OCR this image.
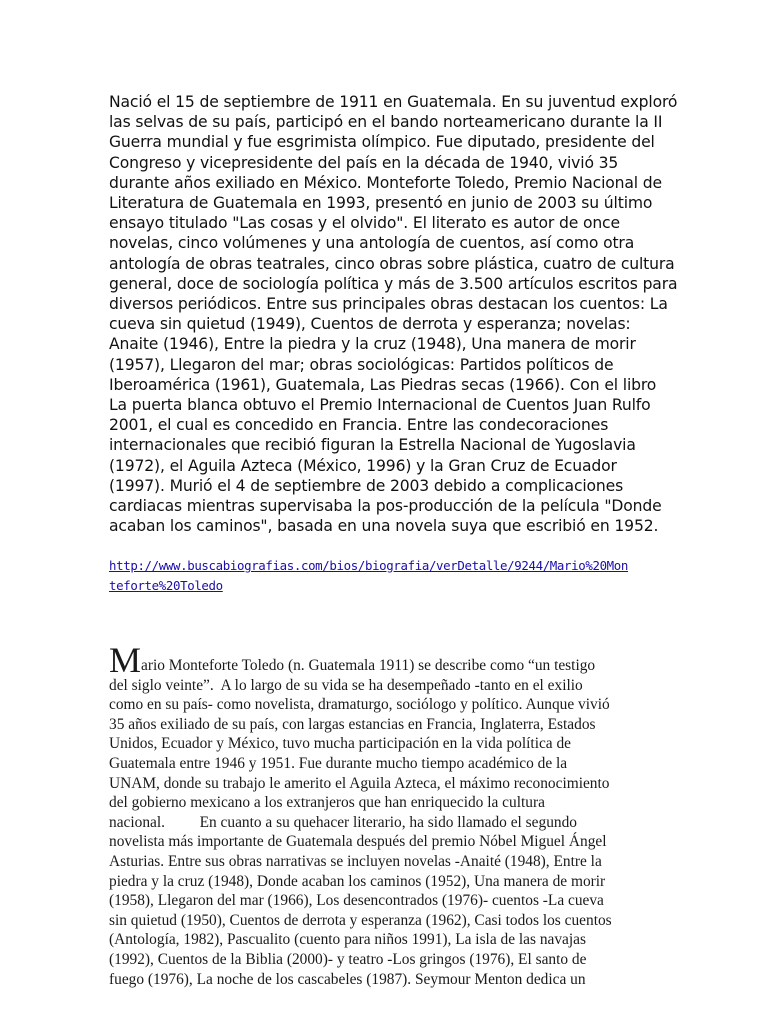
Nació el 15 de septiembre de 1911 en Guatemala. En su juventud exploró
las selvas de su país, participó en el bando norteamericano durante la II
Guerra mundial y fue esgrimista olímpico. Fue diputado, presidente del
Congreso y vicepresidente del país en la década de 1940, vivió 35
durante años exiliado en México. Monteforte Toledo, Premio Nacional de
Literatura de Guatemala en 1993, presentó en junio de 2003 su último
ensayo titulado "Las cosas y el olvido". El literato es autor de once
novelas, cinco volúmenes y una antología de cuentos, así como otra
antología de obras teatrales, cinco obras sobre plástica, cuatro de cultura
general, doce de sociología política y más de 3.500 artículos escritos para
diversos periódicos. Entre sus principales obras destacan los cuentos: La
cueva sin quietud (1949), Cuentos de derrota y esperanza; novelas:
Anaite (1946), Entre la piedra y la cruz (1948), Una manera de morir
(1957), Llegaron del mar; obras sociológicas: Partidos políticos de
Iberoamérica (1961), Guatemala, Las Piedras secas (1966). Con el libro
La puerta blanca obtuvo el Premio Internacional de Cuentos Juan Rulfo
2001, el cual es concedido en Francia. Entre las condecoraciones
internacionales que recibió figuran la Estrella Nacional de Yugoslavia
(1972), el Aguila Azteca (México, 1996) y la Gran Cruz de Ecuador
(1997). Murió el 4 de septiembre de 2003 debido a complicaciones
cardiacas mientras supervisaba la pos-producción de la película "Donde
acaban los caminos", basada en una novela suya que escribió en 1952.
http://www.buscabiografias.com/bios/biografia/verDetalle/9244/Mario%20Mon
teforte%20Toledo
Mario Monteforte Toledo (n. Guatemala 1911) se describe como “un testigo
del siglo veinte”.  A lo largo de su vida se ha desempeñado -tanto en el exilio
como en su país- como novelista, dramaturgo, sociólogo y político. Aunque vivió
35 años exiliado de su país, con largas estancias en Francia, Inglaterra, Estados
Unidos, Ecuador y México, tuvo mucha participación en la vida política de
Guatemala entre 1946 y 1951. Fue durante mucho tiempo académico de la
UNAM, donde su trabajo le amerito el Aguila Azteca, el máximo reconocimiento
del gobierno mexicano a los extranjeros que han enriquecido la cultura
nacional.         En cuanto a su quehacer literario, ha sido llamado el segundo
novelista más importante de Guatemala después del premio Nóbel Miguel Ángel
Asturias. Entre sus obras narrativas se incluyen novelas -Anaité (1948), Entre la
piedra y la cruz (1948), Donde acaban los caminos (1952), Una manera de morir
(1958), Llegaron del mar (1966), Los desencontrados (1976)- cuentos -La cueva
sin quietud (1950), Cuentos de derrota y esperanza (1962), Casi todos los cuentos
(Antología, 1982), Pascualito (cuento para niños 1991), La isla de las navajas
(1992), Cuentos de la Biblia (2000)- y teatro -Los gringos (1976), El santo de
fuego (1976), La noche de los cascabeles (1987). Seymour Menton dedica un
